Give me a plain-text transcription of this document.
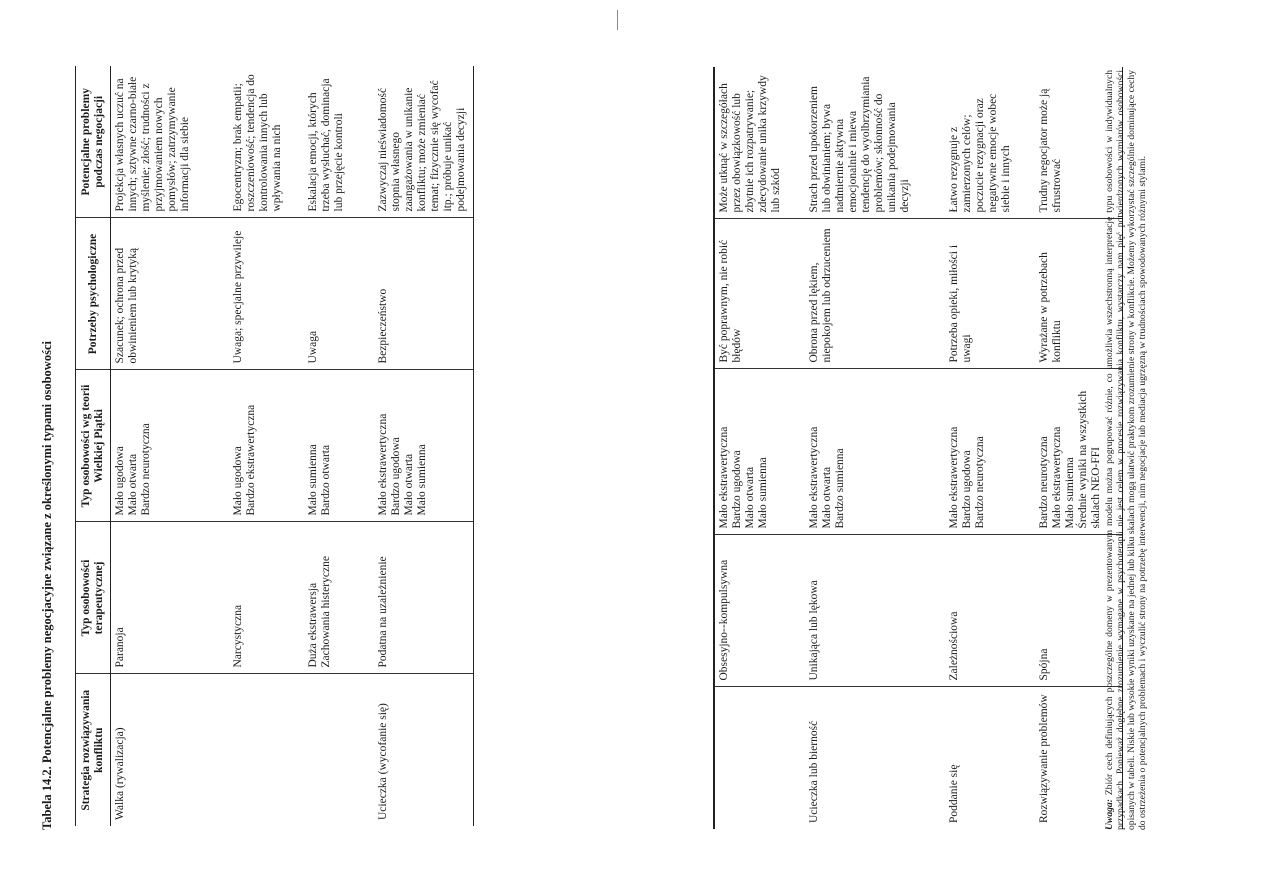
Tabela 14.2. Potencjalne problemy negocjacyjne związane z określonymi typami osobowości Strategia rozwiązywania konfliktu	Typ osobowości terapeutycznej	Typ osobowości wg teorii Wielkiej Piątki	Potrzeby psychologiczne	Potencjalne problemy podczas negocjacji
Walka (rywalizacja)	Paranoja	Mało ugodowa Mało otwarta Bardzo neurotyczna	Szacunek; ochrona przed obwinieniem lub krytyką	Projekcja własnych uczuć na innych; sztywne czarno-białe myślenie; złość; trudności z przyjmowaniem nowych pomysłów; zatrzymywanie informacji dla siebie
	Narcystyczna	Mało ugodowa Bardzo ekstrawertyczna	Uwaga; specjalne przywileje	Egocentryzm; brak empatii; roszczeniowość; tendencja do kontrolowania innych lub wpływania na nich
	Duża ekstrawersja Zachowania histeryczne	Mało sumienna Bardzo otwarta	Uwaga	Eskalacja emocji, których trzeba wysłuchać, dominacja lub przejęcie kontroli
Ucieczka (wycofanie się)	Podatna na uzależnienie	Mało ekstrawertyczna Bardzo ugodowa Mało otwarta Mało sumienna	Bezpieczeństwo	Zazwyczaj nieświadomość stopnia własnego zaangażowania w unikanie konfliktu; może zmieniać temat; fizycznie się wycofać itp.; próbuje unikać podejmowania decyzji

	Obsesyjno--kompulsywna	Mało ekstrawertyczna Bardzo ugodowa Mało otwarta Mało sumienna	Być poprawnym, nie robić błędów	Może utknąć w szczegółach przez obowiązkowość lub zbytnie ich rozpatrywanie; zdecydowanie unika krzywdy lub szkód
Ucieczka lub bierność	Unikająca lub lękowa	Mało ekstrawertyczna Mało otwarta Bardzo sumienna	Obrona przed lękiem, niepokojem lub odrzuceniem	Strach przed upokorzeniem lub obwinianiem; bywa nadmiernie aktywna emocjonalnie i miewa tendencję do wyolbrzymiania problemów; skłonność do unikania podejmowania decyzji
Poddanie się	Zależnościowa	Mało ekstrawertyczna Bardzo ugodowa Bardzo neurotyczna	Potrzeba opieki, miłości i uwagi	Łatwo rezygnuje z zamierzonych celów; poczucie rezygnacji oraz negatywne emocje wobec siebie i innych
Rozwiązywanie problemów	Spójna	Bardzo neurotyczna Mało ekstrawertyczna Mało sumienna Średnie wyniki na wszystkich skalach NEO-FFI	Wyrażane w potrzebach konfliktu	Trudny negocjator może ją sfrustrować
Uwaga: Zbiór cech definiujących poszczególne domeny w prezentowanym modelu można pogrupować różnie, co umożliwia wszechstronną interpretację typu osobowości w indywidualnych przypadkach. Ponieważ dogłębne zrozumienie wymagane w psychoterapii nie jest celem w procesie rozwiązywania konfliktu, wystarczy nam pięć potwierdzonych wymiarów osobowości opisanych w tabeli. Niskie lub wysokie wyniki uzyskane na jednej lub kilku skalach mogą ułatwić praktykom zrozumienie strony w konflikcie. Możemy wykorzystać szczególnie dominujące cechy do ostrzeżenia o potencjalnych problemach i wyczulić strony na potrzebę interwencji, nim negocjacje lub mediacja ugrzęzną w trudnościach spowodowanych różnymi stylami.
